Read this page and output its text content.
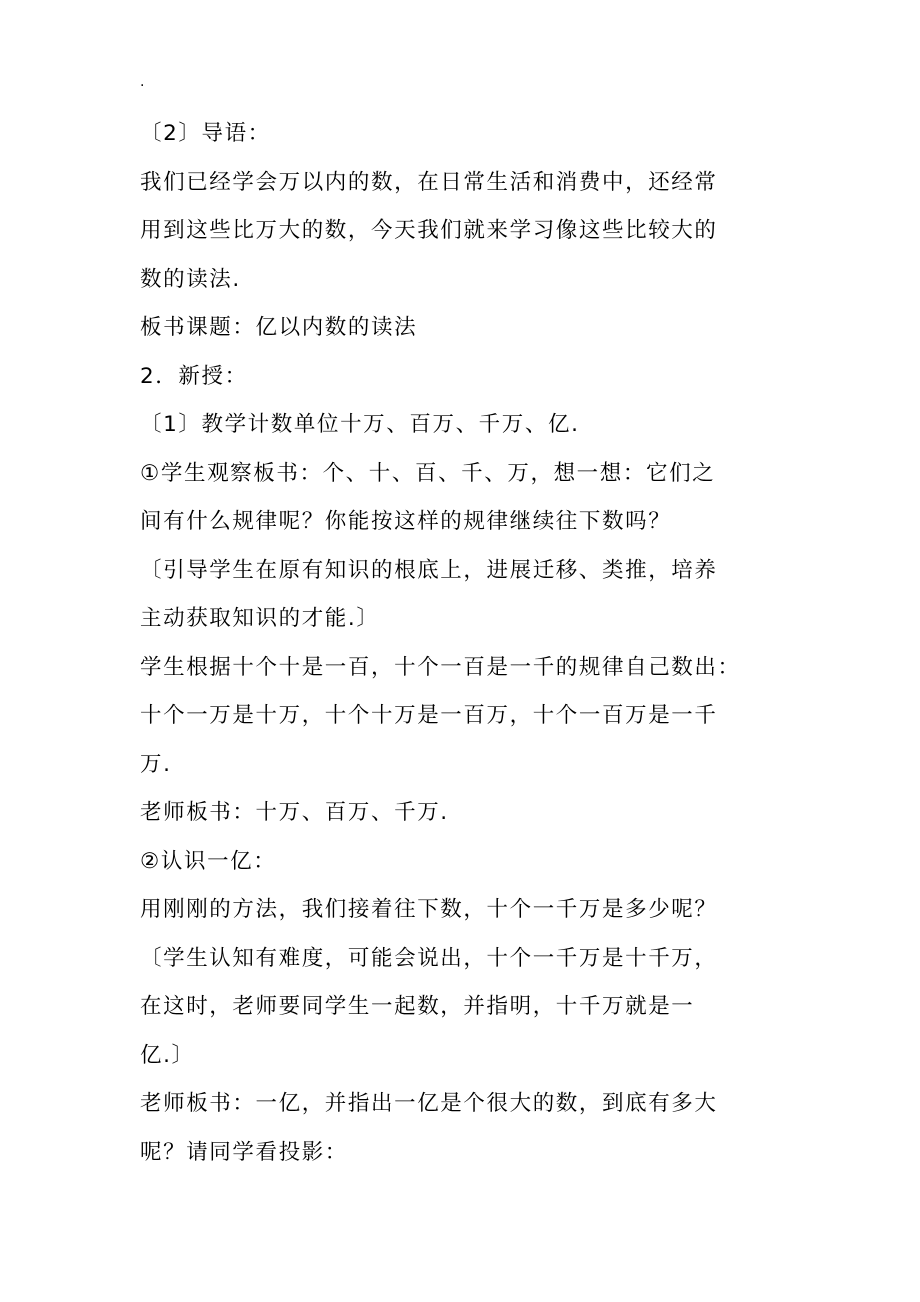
.
〔2〕导语：
我们已经学会万以内的数，在日常生活和消费中，还经常
用到这些比万大的数，今天我们就来学习像这些比较大的
数的读法.
板书课题：亿以内数的读法
2．新授：
〔1〕教学计数单位十万、百万、千万、亿.
①学生观察板书：个、十、百、千、万，想一想：它们之
间有什么规律呢？你能按这样的规律继续往下数吗？
〔引导学生在原有知识的根底上，进展迁移、类推，培养
主动获取知识的才能.〕
学生根据十个十是一百，十个一百是一千的规律自己数出：
十个一万是十万，十个十万是一百万，十个一百万是一千
万.
老师板书：十万、百万、千万.
②认识一亿：
用刚刚的方法，我们接着往下数，十个一千万是多少呢？
〔学生认知有难度，可能会说出，十个一千万是十千万，
在这时，老师要同学生一起数，并指明，十千万就是一
亿.〕
老师板书：一亿，并指出一亿是个很大的数，到底有多大
呢？请同学看投影：
